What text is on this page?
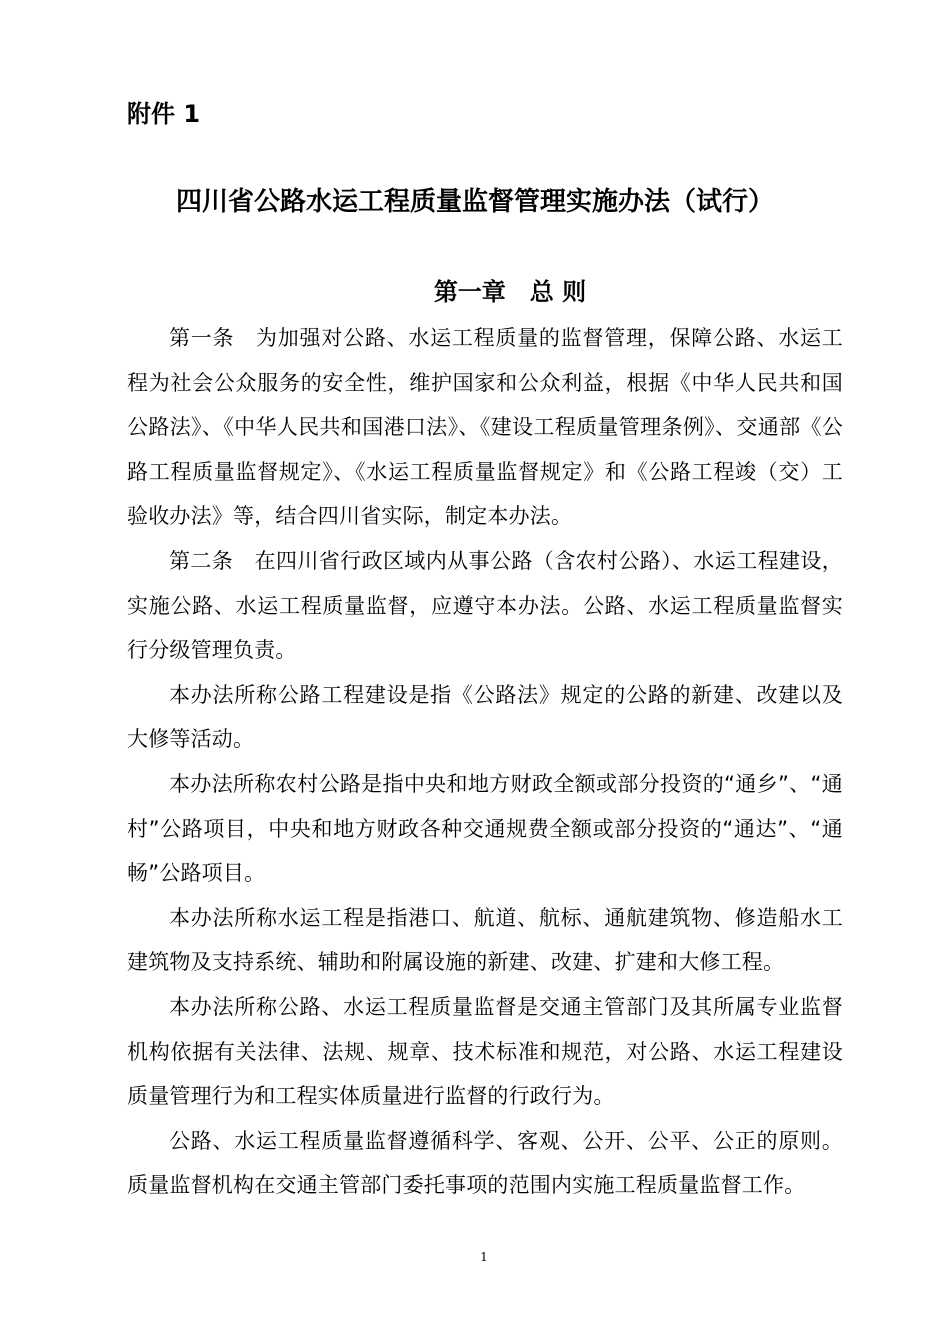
附件 1
四川省公路水运工程质量监督管理实施办法（试行）
第一章　总 则

第一条　为加强对公路、水运工程质量的监督管理，保障公路、水运工程为社会公众服务的安全性，维护国家和公众利益，根据《中华人民共和国公路法》、《中华人民共和国港口法》、《建设工程质量管理条例》、交通部《公路工程质量监督规定》、《水运工程质量监督规定》和《公路工程竣（交）工验收办法》等，结合四川省实际，制定本办法。

第二条　在四川省行政区域内从事公路（含农村公路）、水运工程建设，实施公路、水运工程质量监督，应遵守本办法。公路、水运工程质量监督实行分级管理负责。

本办法所称公路工程建设是指《公路法》规定的公路的新建、改建以及大修等活动。

本办法所称农村公路是指中央和地方财政全额或部分投资的“通乡”、“通村”公路项目，中央和地方财政各种交通规费全额或部分投资的“通达”、“通畅”公路项目。

本办法所称水运工程是指港口、航道、航标、通航建筑物、修造船水工建筑物及支持系统、辅助和附属设施的新建、改建、扩建和大修工程。

本办法所称公路、水运工程质量监督是交通主管部门及其所属专业监督机构依据有关法律、法规、规章、技术标准和规范，对公路、水运工程建设质量管理行为和工程实体质量进行监督的行政行为。

公路、水运工程质量监督遵循科学、客观、公开、公平、公正的原则。质量监督机构在交通主管部门委托事项的范围内实施工程质量监督工作。

1
